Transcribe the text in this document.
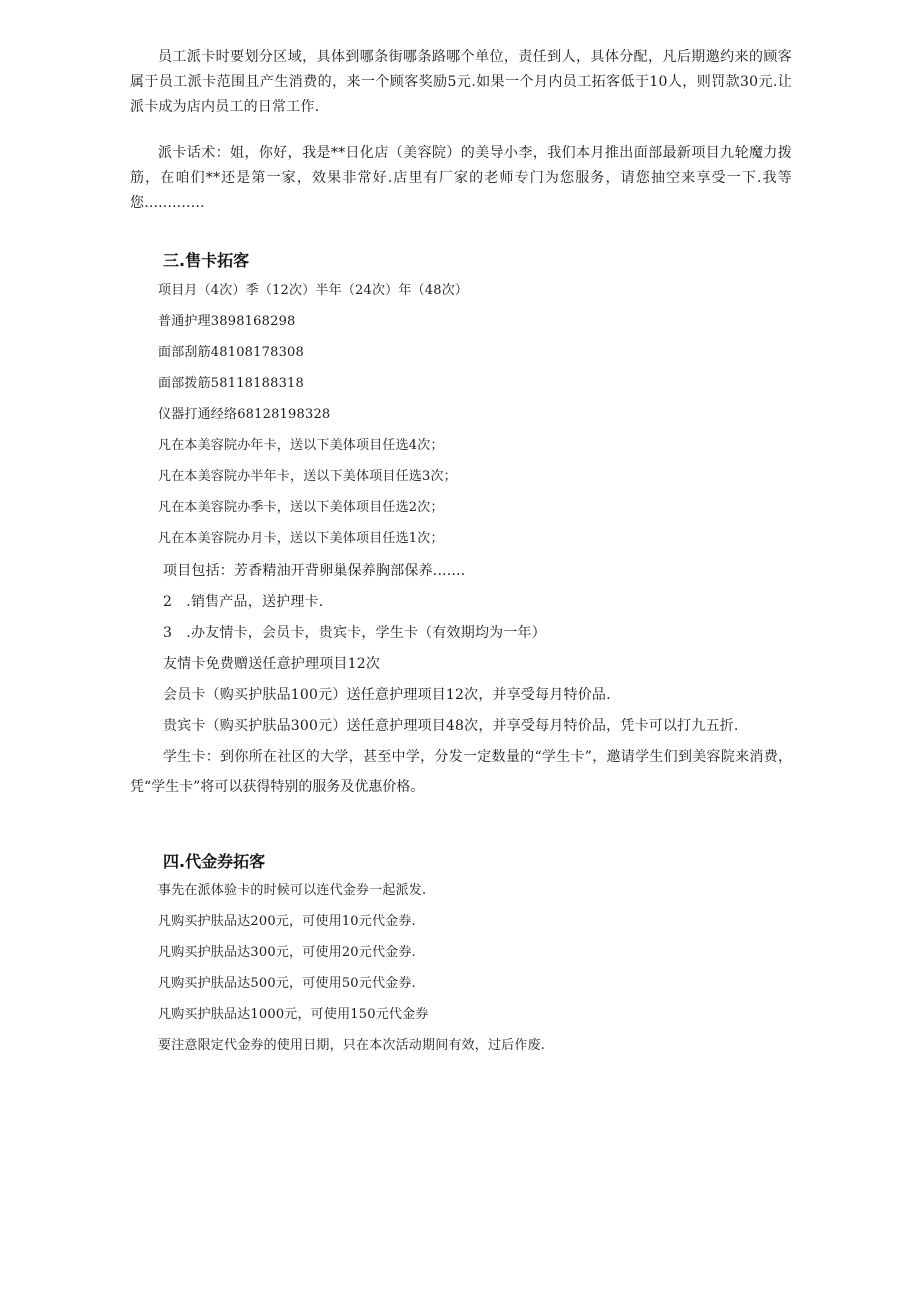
员工派卡时要划分区域，具体到哪条街哪条路哪个单位，责任到人，具体分配，凡后期邀约来的顾客属于员工派卡范围且产生消费的，来一个顾客奖励5元.如果一个月内员工拓客低于10人，则罚款30元.让派卡成为店内员工的日常工作.

派卡话术：姐，你好，我是**日化店（美容院）的美导小李，我们本月推出面部最新项目九轮魔力拨筋，在咱们**还是第一家，效果非常好.店里有厂家的老师专门为您服务，请您抽空来享受一下.我等您.............

三.售卡拓客

项目月（4次）季（12次）半年（24次）年（48次）

普通护理3898168298

面部刮筋48108178308

面部拨筋58118188318

仪器打通经络68128198328

凡在本美容院办年卡，送以下美体项目任选4次；

凡在本美容院办半年卡，送以下美体项目任选3次；

凡在本美容院办季卡，送以下美体项目任选2次；

凡在本美容院办月卡，送以下美体项目任选1次；

项目包括：芳香精油开背卵巢保养胸部保养.......

2　.销售产品，送护理卡.

3　.办友情卡，会员卡，贵宾卡，学生卡（有效期均为一年）

友情卡免费赠送任意护理项目12次

会员卡（购买护肤品100元）送任意护理项目12次，并享受每月特价品.

贵宾卡（购买护肤品300元）送任意护理项目48次，并享受每月特价品，凭卡可以打九五折.

学生卡：到你所在社区的大学，甚至中学，分发一定数量的“学生卡”，邀请学生们到美容院来消费，凭“学生卡”将可以获得特别的服务及优惠价格。

四.代金券拓客

事先在派体验卡的时候可以连代金券一起派发.

凡购买护肤品达200元，可使用10元代金券.

凡购买护肤品达300元，可使用20元代金券.

凡购买护肤品达500元，可使用50元代金券.

凡购买护肤品达1000元，可使用150元代金券

要注意限定代金券的使用日期，只在本次活动期间有效，过后作废.
